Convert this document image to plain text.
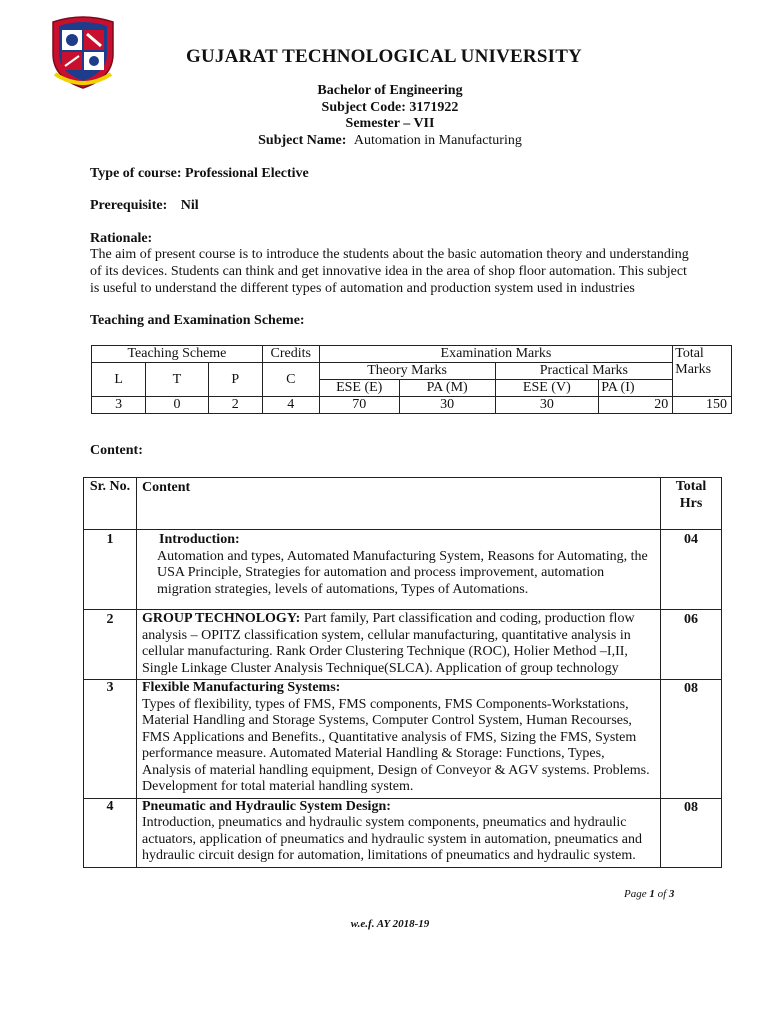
GUJARAT TECHNOLOGICAL UNIVERSITY
Bachelor of Engineering
Subject Code: 3171922
Semester – VII
Subject Name: Automation in Manufacturing
Type of course: Professional Elective
Prerequisite: Nil
Rationale:
The aim of present course is to introduce the students about the basic automation theory and understanding of its devices. Students can think and get innovative idea in the area of shop floor automation. This subject is useful to understand the different types of automation and production system used in industries
Teaching and Examination Scheme:
Teaching Scheme			Credits	Examination Marks				Total Marks
L	T	P	C	Theory Marks		Practical Marks		
				ESE (E)	PA (M)	ESE (V)	PA (I)	
3	0	2	4	70	30	30	20	150
Content:
Sr. No.	Content	Total Hrs
1	Introduction:
Automation and types, Automated Manufacturing System, Reasons for Automating, the USA Principle, Strategies for automation and process improvement, automation migration strategies, levels of automations, Types of Automations.	04
2	GROUP TECHNOLOGY: Part family, Part classification and coding, production flow analysis – OPITZ classification system, cellular manufacturing, quantitative analysis in cellular manufacturing. Rank Order Clustering Technique (ROC), Holier Method –I,II, Single Linkage Cluster Analysis Technique(SLCA). Application of group technology	06
3	Flexible Manufacturing Systems:
Types of flexibility, types of FMS, FMS components, FMS Components-Workstations, Material Handling and Storage Systems, Computer Control System, Human Recourses, FMS Applications and Benefits., Quantitative analysis of FMS, Sizing the FMS, System performance measure. Automated Material Handling & Storage: Functions, Types, Analysis of material handling equipment, Design of Conveyor & AGV systems. Problems. Development for total material handling system.	08
4	Pneumatic and Hydraulic System Design:
Introduction, pneumatics and hydraulic system components, pneumatics and hydraulic actuators, application of pneumatics and hydraulic system in automation, pneumatics and hydraulic circuit design for automation, limitations of pneumatics and hydraulic system.	08
Page 1 of 3
w.e.f. AY 2018-19
